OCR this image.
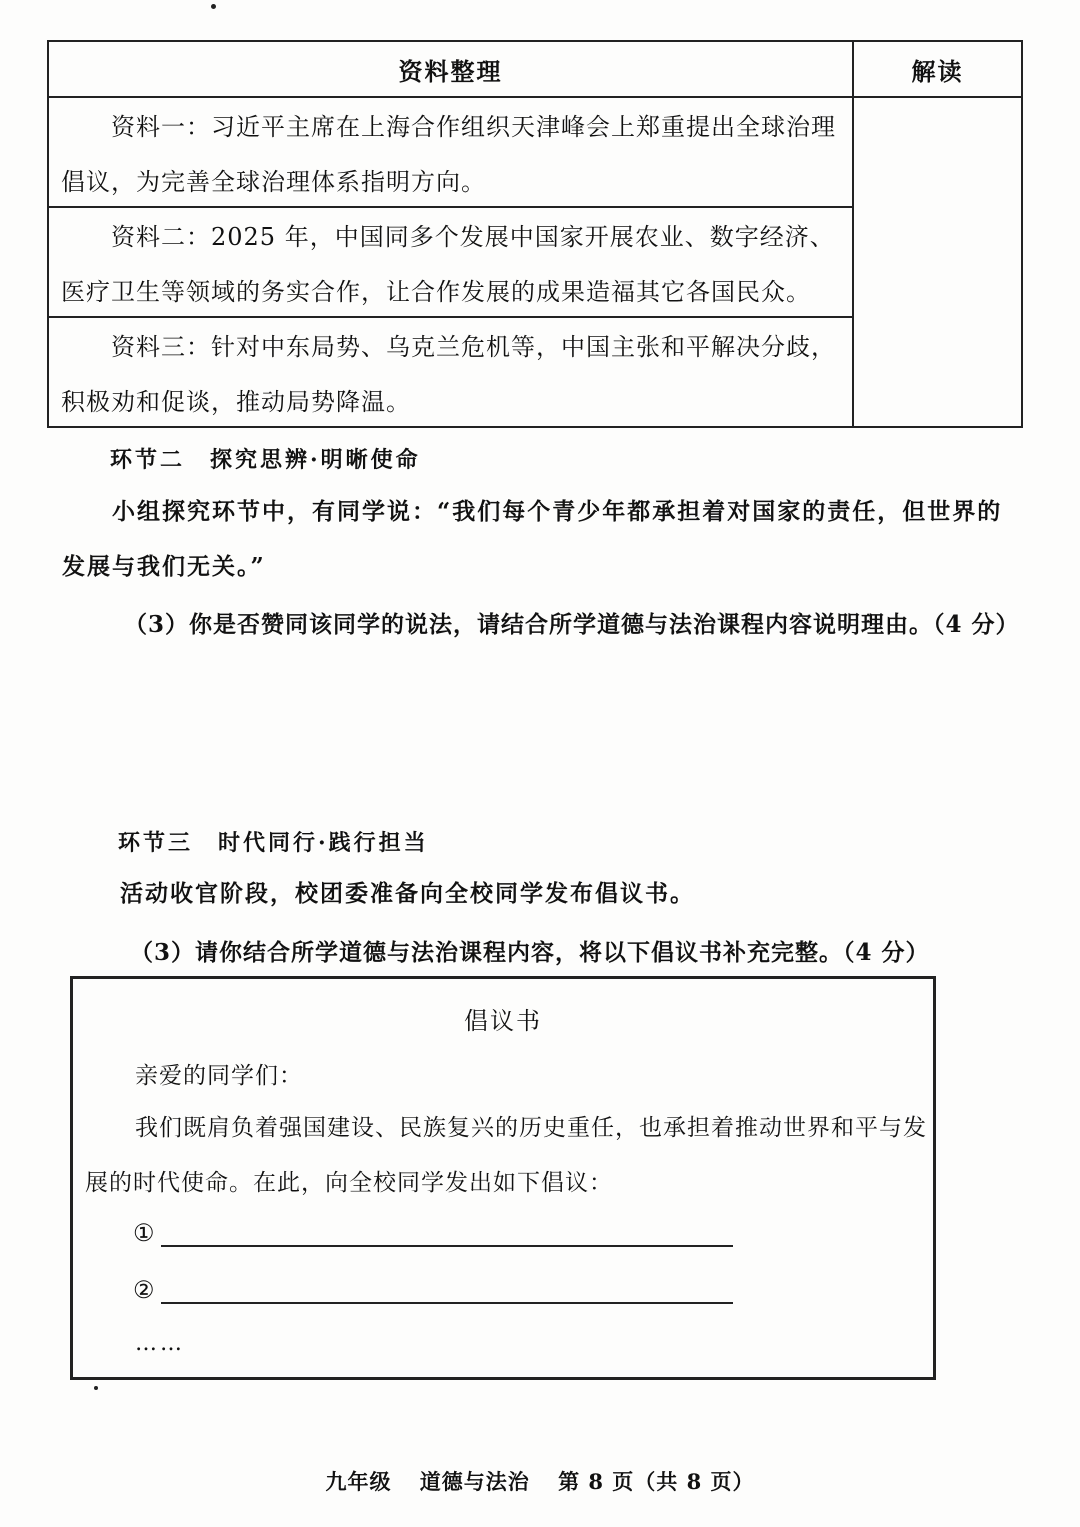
资料整理	解读

资料一：习近平主席在上海合作组织天津峰会上郑重提出全球治理倡议，为完善全球治理体系指明方向。	

资料二：2025 年，中国同多个发展中国家开展农业、数字经济、医疗卫生等领域的务实合作，让合作发展的成果造福其它各国民众。	

资料三：针对中东局势、乌克兰危机等，中国主张和平解决分歧，积极劝和促谈，推动局势降温。	
环节二　探究思辨·明晰使命
小组探究环节中，有同学说：“我们每个青少年都承担着对国家的责任，但世界的发展与我们无关。”
（3）你是否赞同该同学的说法，请结合所学道德与法治课程内容说明理由。（4 分）
环节三　时代同行·践行担当
活动收官阶段，校团委准备向全校同学发布倡议书。
（3）请你结合所学道德与法治课程内容，将以下倡议书补充完整。（4 分）
倡议书
亲爱的同学们：
我们既肩负着强国建设、民族复兴的历史重任，也承担着推动世界和平与发展的时代使命。在此，向全校同学发出如下倡议：
①
②
……
九年级 道德与法治 第 8 页（共 8 页）
